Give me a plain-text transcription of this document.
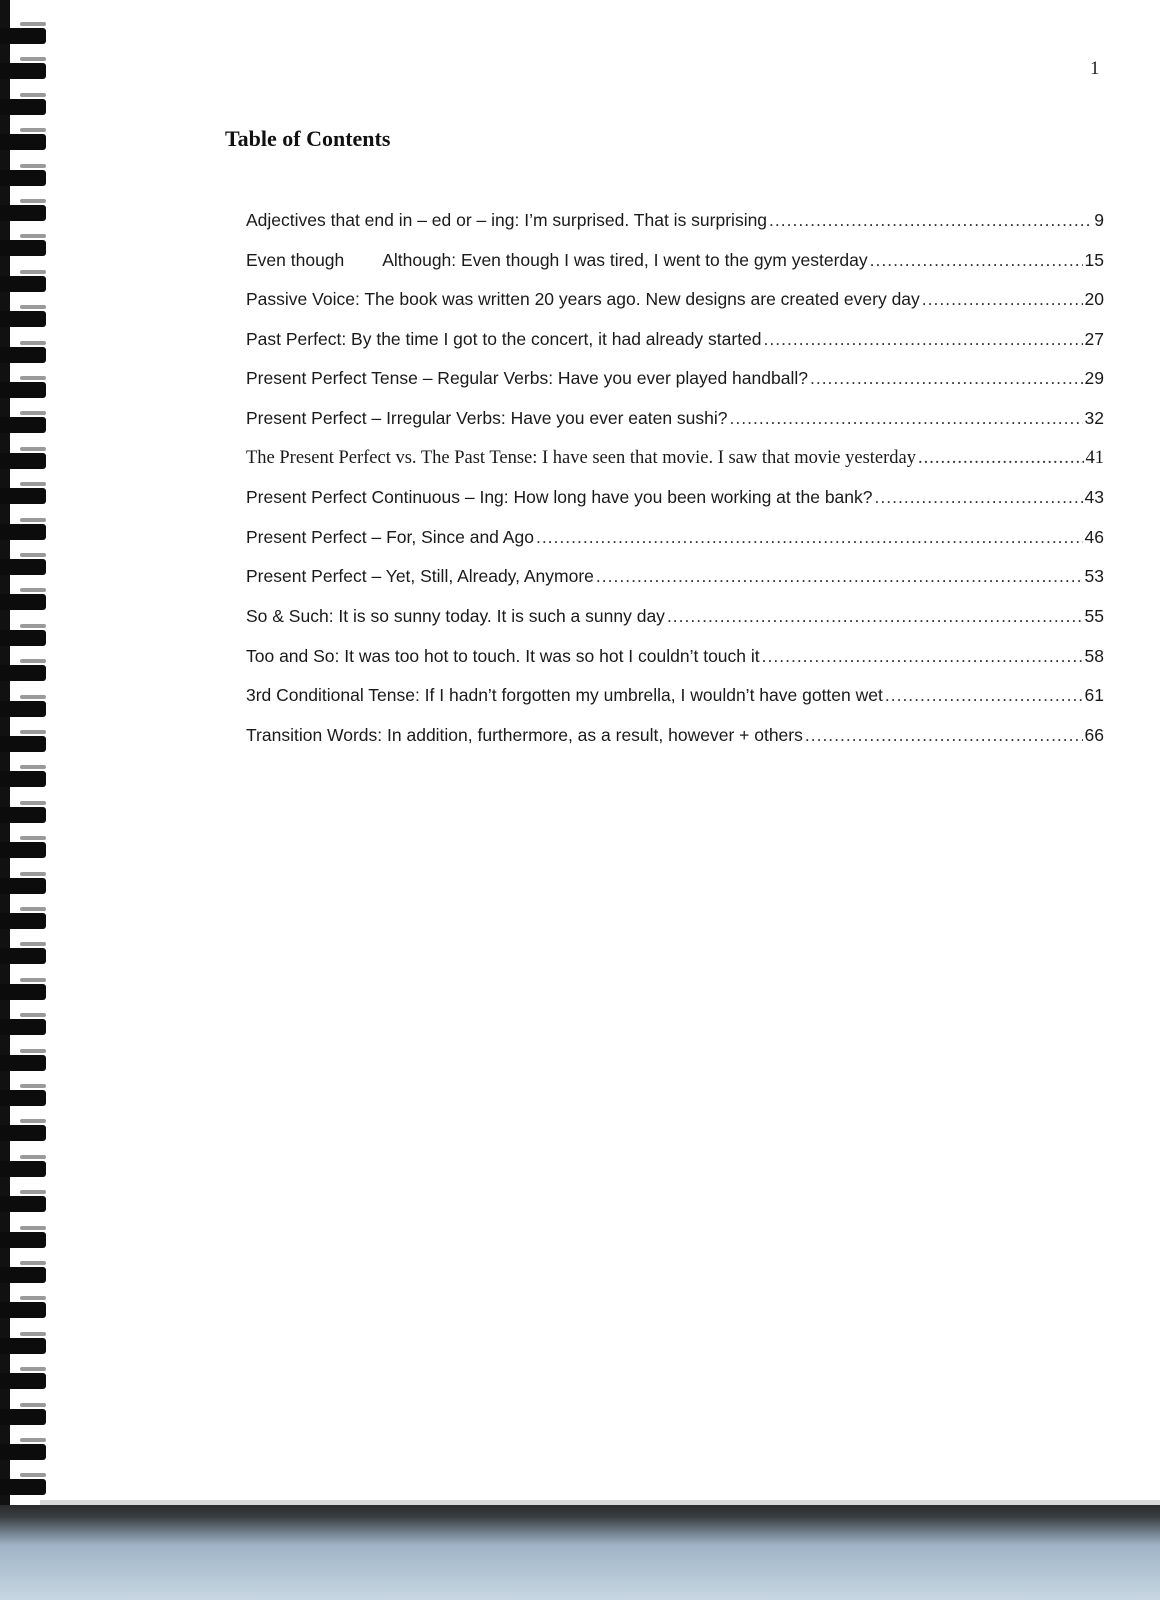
1
Table of Contents
Adjectives that end in – ed or – ing: I’m surprised. That is surprising .....	9
Even though        Although: Even though I was tired, I went to the gym yesterday .....	15
Passive Voice: The book was written 20 years ago. New designs are created every day .....	20
Past Perfect: By the time I got to the concert, it had already started .....	27
Present Perfect Tense – Regular Verbs: Have you ever played handball? .....	29
Present Perfect – Irregular Verbs: Have you ever eaten sushi? .....	32
The Present Perfect vs. The Past Tense: I have seen that movie. I saw that movie yesterday .....	41
Present Perfect Continuous – Ing: How long have you been working at the bank? .....	43
Present Perfect – For, Since and Ago .....	46
Present Perfect – Yet, Still, Already, Anymore .....	53
So & Such: It is so sunny today. It is such a sunny day .....	55
Too and So: It was too hot to touch. It was so hot I couldn’t touch it .....	58
3rd Conditional Tense: If I hadn’t forgotten my umbrella, I wouldn’t have gotten wet .....	61
Transition Words: In addition, furthermore, as a result, however + others .....	66
